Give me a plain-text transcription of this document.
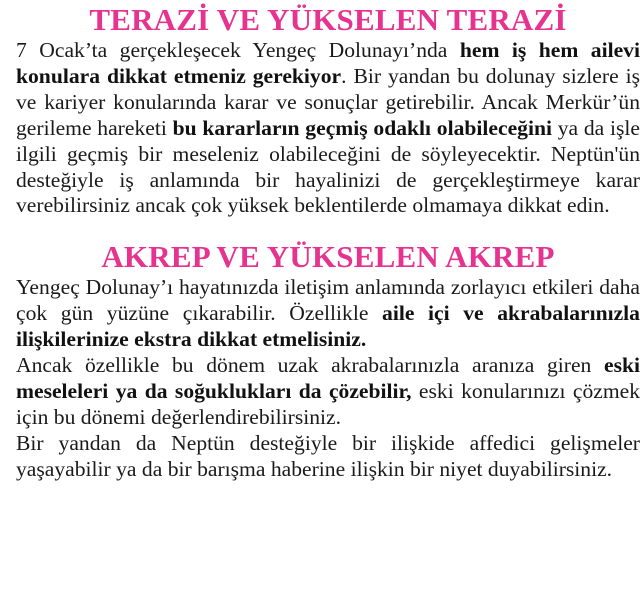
TERAZİ VE YÜKSELEN TERAZİ

7 Ocak’ta gerçekleşecek Yengeç Dolunayı’nda hem iş hem ailevi konulara dikkat etmeniz gerekiyor. Bir yandan bu dolunay sizlere iş ve kariyer konularında karar ve sonuçlar getirebilir. Ancak Merkür’ün gerileme hareketi bu kararların geçmiş odaklı olabileceğini ya da işle ilgili geçmiş bir meseleniz olabileceğini de söyleyecektir. Neptün'ün desteğiyle iş anlamında bir hayalinizi de gerçekleştirmeye karar verebilirsiniz ancak çok yüksek beklentilerde olmamaya dikkat edin.

AKREP VE YÜKSELEN AKREP

Yengeç Dolunay’ı hayatınızda iletişim anlamında zorlayıcı etkileri daha çok gün yüzüne çıkarabilir. Özellikle aile içi ve akrabalarınızla ilişkilerinize ekstra dikkat etmelisiniz.

Ancak özellikle bu dönem uzak akrabalarınızla aranıza giren eski meseleleri ya da soğuklukları da çözebilir, eski konularınızı çözmek için bu dönemi değerlendirebilirsiniz.

Bir yandan da Neptün desteğiyle bir ilişkide affedici gelişmeler yaşayabilir ya da bir barışma haberine ilişkin bir niyet duyabilirsiniz.
